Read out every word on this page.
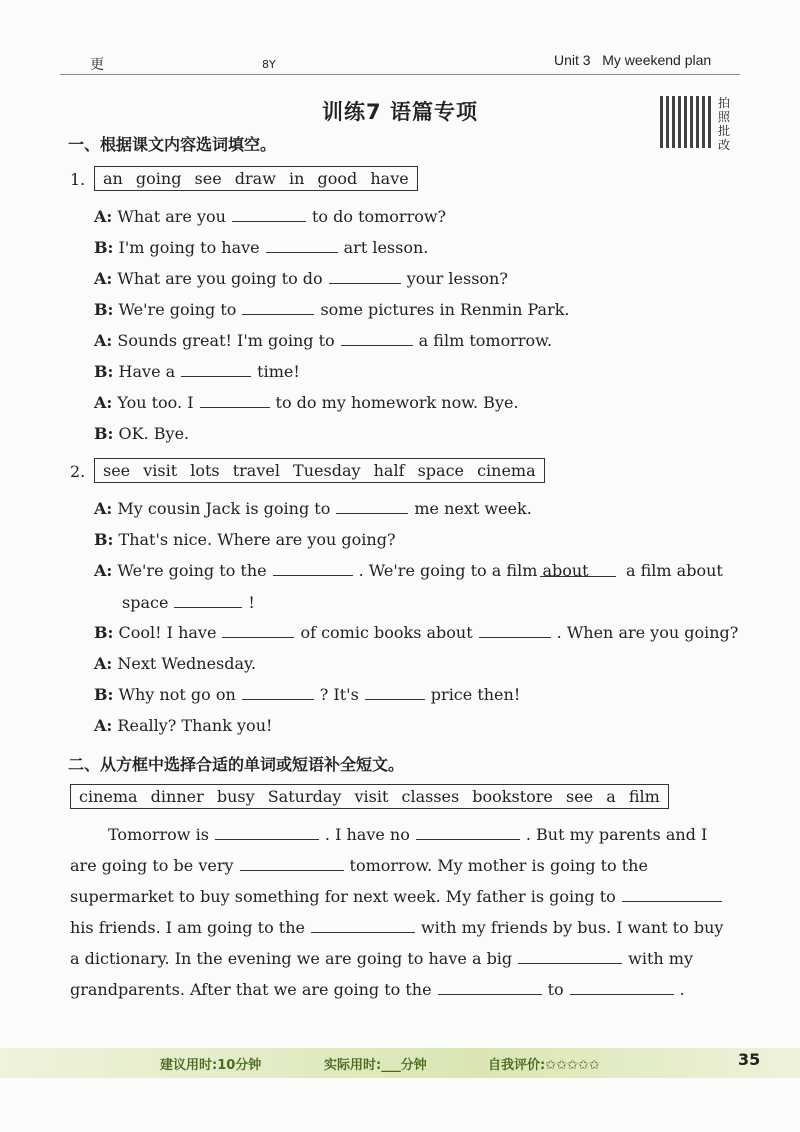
更	8Y	Unit 3 My weekend plan
训练7 语篇专项	拍
照
批
改
一、根据课文内容选词填空。
1.	an going see draw in good have
A: What are you	to do tomorrow?
B: I'm going to have	art lesson.
A: What are you going to do	your lesson?
B: We're going to	some pictures in Renmin Park.
A: Sounds great! I'm going to	a film tomorrow.
B: Have a	time!
A: You too. I	to do my homework now. Bye.
B: OK. Bye.
2.	see visit lots travel Tuesday half space cinema
A: My cousin Jack is going to	me next week.
B: That's nice. Where are you going?
A: We're going to the	. We're going to a film about a film about
space	!
B: Cool! I have	of comic books about	. When are you going?
A: Next Wednesday.
B: Why not go on	? It's	price then!
A: Really? Thank you!
二、从方框中选择合适的单词或短语补全短文。
cinema dinner busy Saturday visit classes bookstore see a film
Tomorrow is	. I have no	. But my parents and I
are going to be very	tomorrow. My mother is going to the
supermarket to buy something for next week. My father is going to
his friends. I am going to the	with my friends by bus. I want to buy
a dictionary. In the evening we are going to have a big	with my
grandparents. After that we are going to the	to	.
建议用时:10分钟	实际用时:___分钟	自我评价:✩✩✩✩✩	35
